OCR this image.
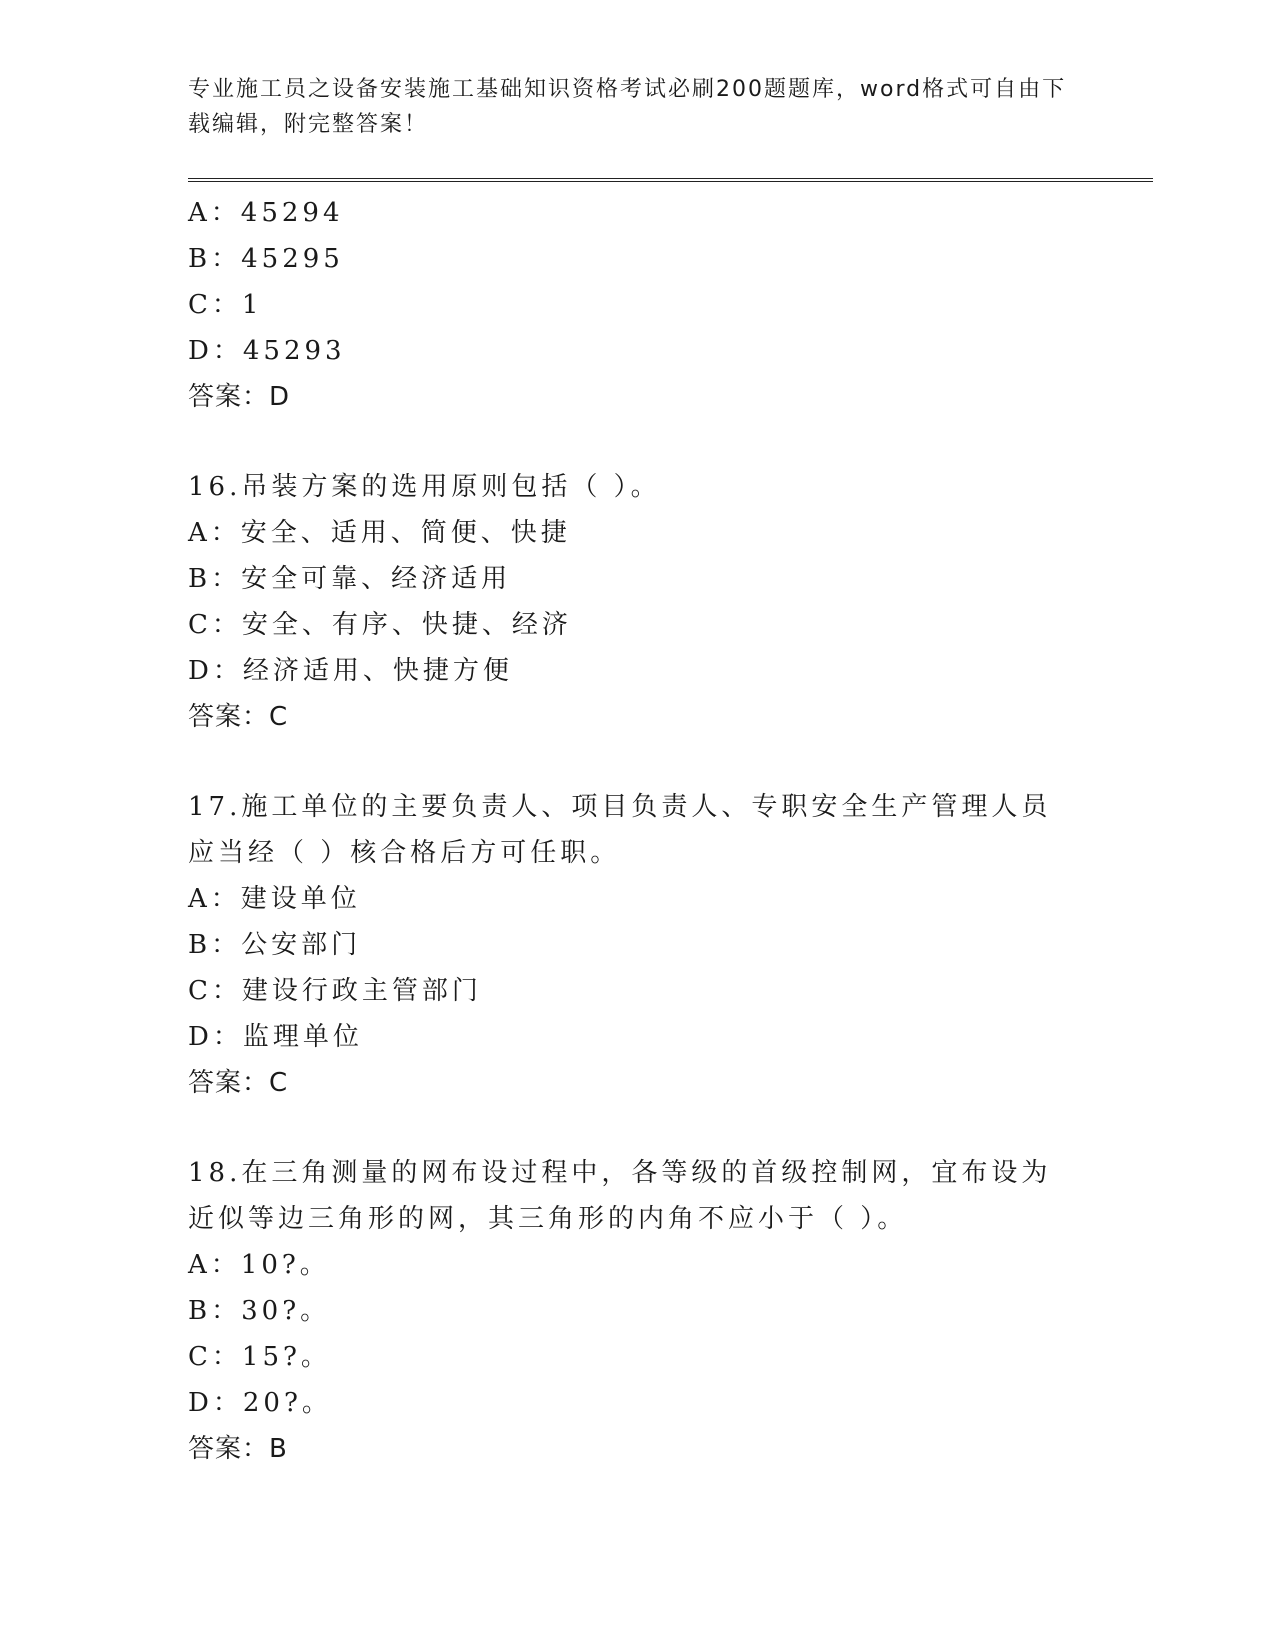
专业施工员之设备安装施工基础知识资格考试必刷200题题库，word格式可自由下载编辑，附完整答案！
A：45294
B：45295
C：1
D：45293
答案：D
16.吊装方案的选用原则包括（ ）。
A：安全、适用、简便、快捷
B：安全可靠、经济适用
C：安全、有序、快捷、经济
D：经济适用、快捷方便
答案：C
17.施工单位的主要负责人、项目负责人、专职安全生产管理人员应当经（ ）核合格后方可任职。
A：建设单位
B：公安部门
C：建设行政主管部门
D：监理单位
答案：C
18.在三角测量的网布设过程中，各等级的首级控制网，宜布设为近似等边三角形的网，其三角形的内角不应小于（ ）。
A：10?。
B：30?。
C：15?。
D：20?。
答案：B
